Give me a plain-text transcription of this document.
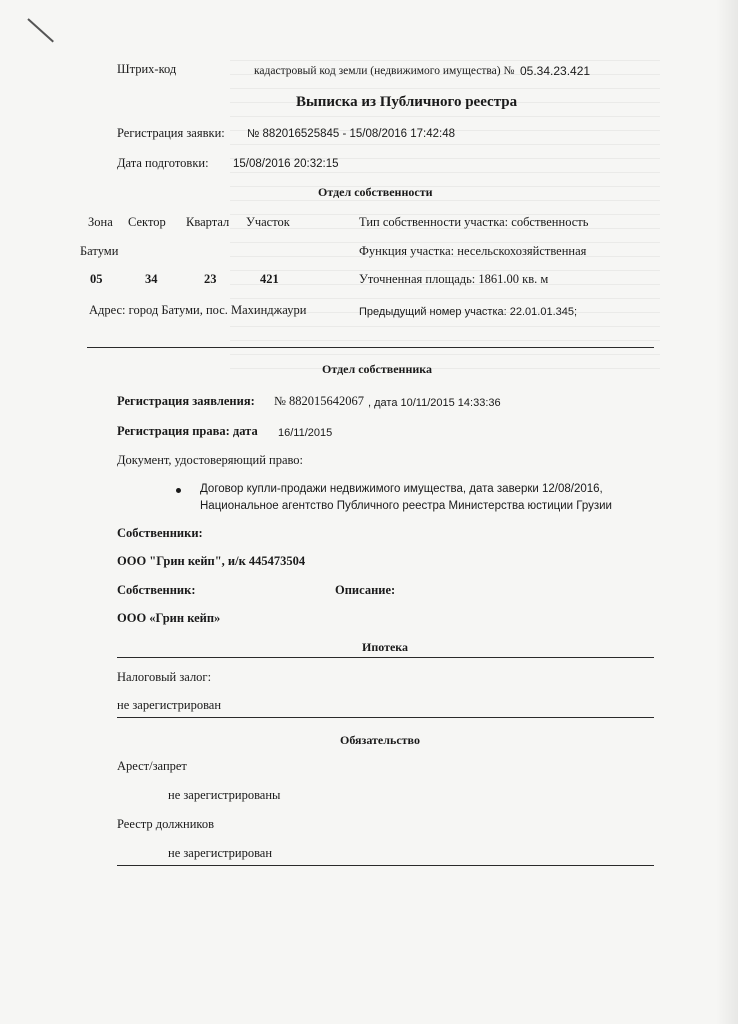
Штрих-код	кадастровый код земли (недвижимого имущества) № 05.34.23.421
Выписка из Публичного реестра
Регистрация заявки: № 882016525845 - 15/08/2016 17:42:48
Дата подготовки: 15/08/2016 20:32:15
Отдел собственности
Зона Сектор Квартал Участок	Тип собственности участка: собственность
Батуми	Функция участка: несельскохозяйственная
05	34	23	421	Уточненная площадь: 1861.00 кв. м
Адрес: город Батуми, пос. Махинджаури	Предыдущий номер участка: 22.01.01.345;
Отдел собственника
Регистрация заявления: № 882015642067 , дата 10/11/2015 14:33:36
Регистрация права: дата 16/11/2015
Документ, удостоверяющий право:
Договор купли-продажи недвижимого имущества, дата заверки 12/08/2016,
Национальное агентство Публичного реестра Министерства юстиции Грузии
Собственники:
ООО "Грин кейп", и/к 445473504
Собственник:	Описание:
ООО «Грин кейп»
Ипотека
Налоговый залог:
не зарегистрирован
Обязательство
Арест/запрет
не зарегистрированы
Реестр должников
не зарегистрирован
